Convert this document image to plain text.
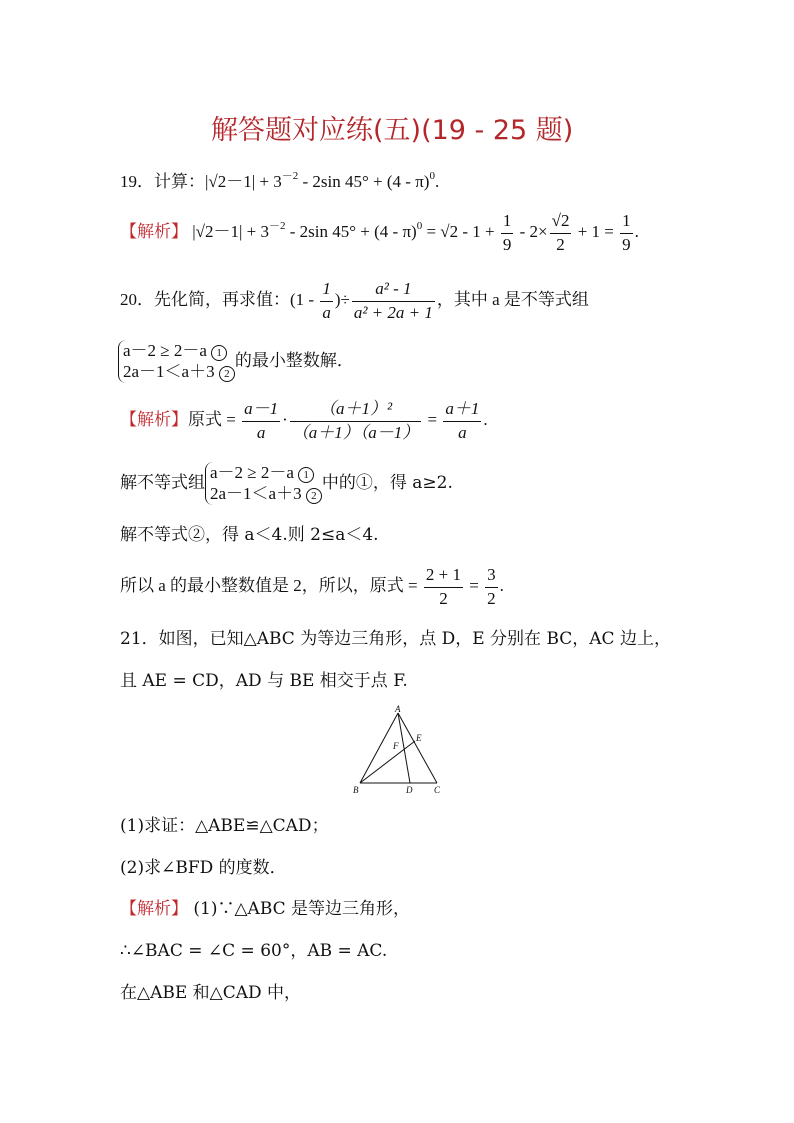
解答题对应练(五)(19 - 25 题)
19．计算：$|√2-1| + 3^{-2} - 2\sin$ 45° + (4 - π)$^0$.
【解析】 $|√2-1| + 3^{-2} - 2\sin$ $45^\circ + (4 - \pi)^0 = √2 - 1 + \frac{1}{9} - 2\times \frac{√2}{2} + 1 = \frac{1}{9}$ .
20．先化简，再求值：($1 - \frac{1}{a}$ )÷ $\frac{\text{a² - 1}}{\text{a² + 2a + 1}}$ ，其中 a 是不等式组
a－2 ≥ 2－a 1
2a－1＜a＋3 2的最小整数解．
【解析】原式 = $\frac{a-1}{a} \cdot \frac{\text{（a＋1）²}}{(a+1)(a-1)} = \frac{a+1}{a}$ .
解不等式组a－2 ≥ 2－a 1
2a－1＜a＋3 2中的①，得 a≥2.
解不等式②，得 a＜4.则 2≤a＜4.
所以 a 的最小整数值是 2，所以，原式 = $\frac{2 + 1}{2} = \frac{3}{2}$ .
21．如图，已知△ABC 为等边三角形，点 D，E 分别在 BC，AC 边上，
且 AE = CD，AD 与 BE 相交于点 F.
A
B	C
D
E
F
(1)求证：△ABE≌△CAD；
(2)求∠BFD 的度数．
【解析】 (1)∵△ABC 是等边三角形，
∴∠BAC = ∠C = 60°，AB = AC.
在△ABE 和△CAD 中，
